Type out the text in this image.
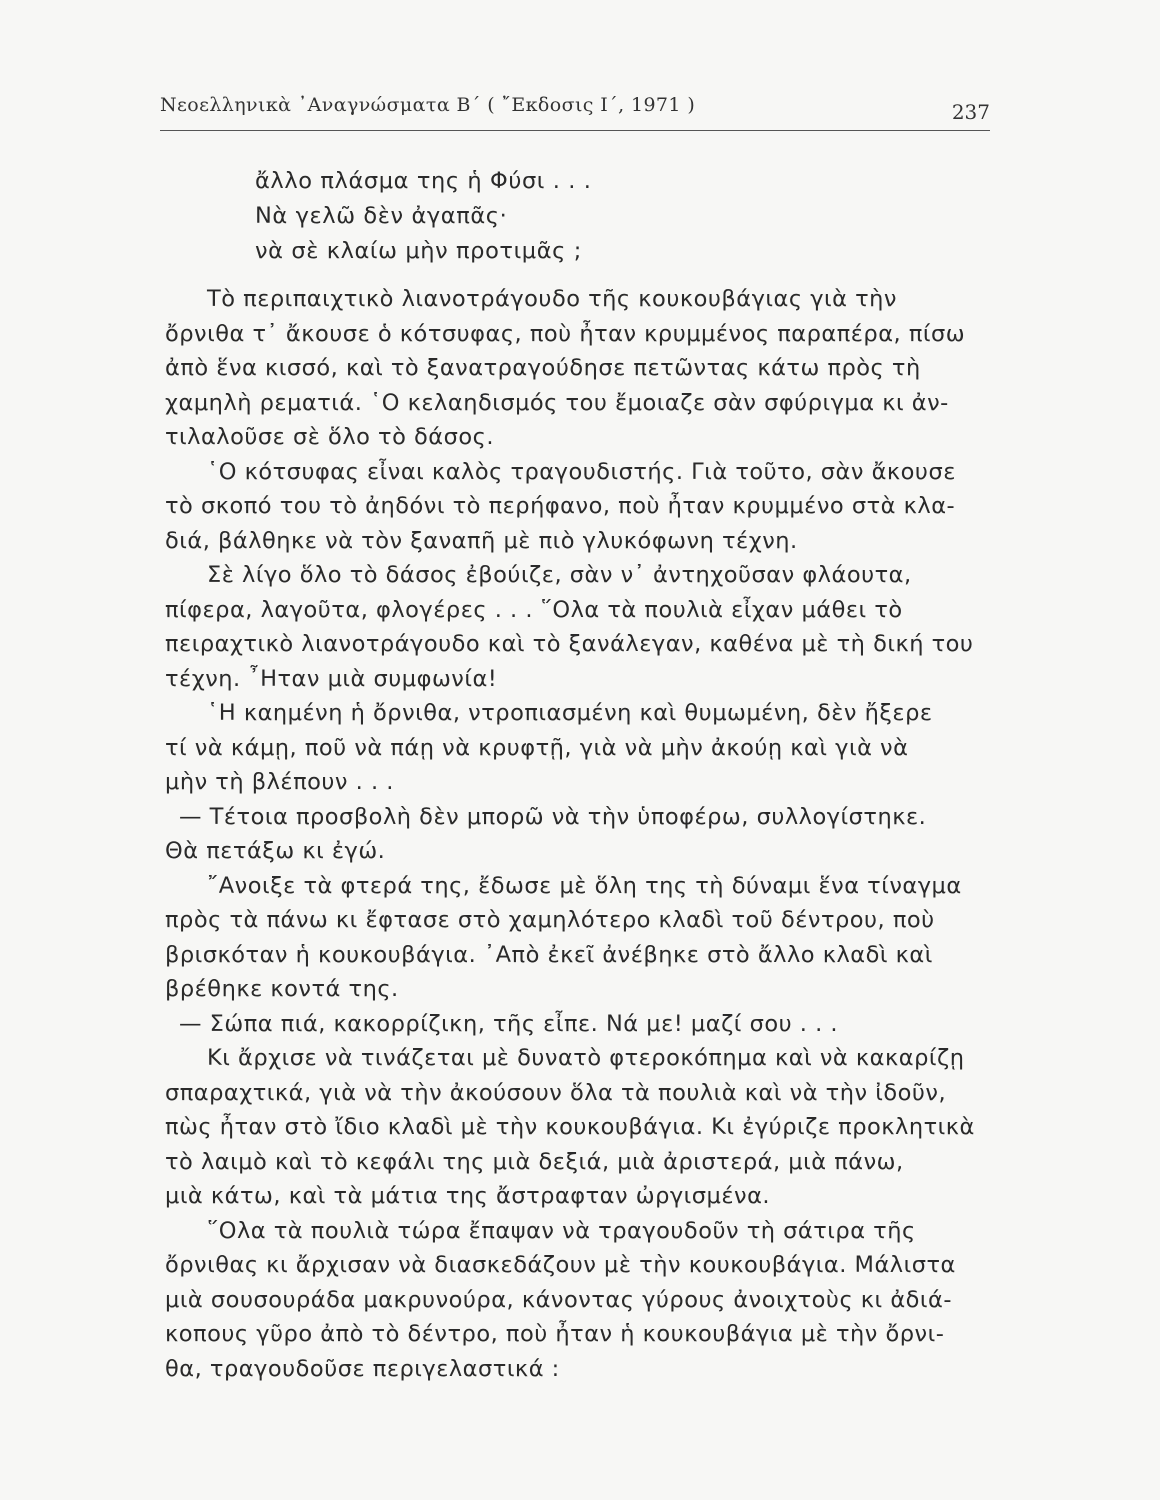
Νεοελληνικὰ ᾿Αναγνώσματα Β΄ ( ῎Εκδοσις Ι΄, 1971 )	237
ἄλλο πλάσμα της ἡ Φύσι . . .
Νὰ γελῶ δὲν ἀγαπᾶς·
νὰ σὲ κλαίω μὴν προτιμᾶς ;
Τὸ περιπαιχτικὸ λιανοτράγουδο τῆς κουκουβάγιας γιὰ τὴν
ὄρνιθα τ᾿ ἄκουσε ὁ κότσυφας, ποὺ ἦταν κρυμμένος παραπέρα, πίσω
ἀπὸ ἕνα κισσό, καὶ τὸ ξανατραγούδησε πετῶντας κάτω πρὸς τὴ
χαμηλὴ ρεματιά. ῾Ο κελαηδισμός του ἔμοιαζε σὰν σφύριγμα κι ἀν-
τιλαλοῦσε σὲ ὅλο τὸ δάσος.
῾Ο κότσυφας εἶναι καλὸς τραγουδιστής. Γιὰ τοῦτο, σὰν ἄκουσε
τὸ σκοπό του τὸ ἀηδόνι τὸ περήφανο, ποὺ ἦταν κρυμμένο στὰ κλα-
διά, βάλθηκε νὰ τὸν ξαναπῆ μὲ πιὸ γλυκόφωνη τέχνη.
Σὲ λίγο ὅλο τὸ δάσος ἐβούιζε, σὰν ν᾿ ἀντηχοῦσαν φλάουτα,
πίφερα, λαγοῦτα, φλογέρες . . . ῞Ολα τὰ πουλιὰ εἶχαν μάθει τὸ
πειραχτικὸ λιανοτράγουδο καὶ τὸ ξανάλεγαν, καθένα μὲ τὴ δική του
τέχνη. ῏Ηταν μιὰ συμφωνία!
῾Η καημένη ἡ ὄρνιθα, ντροπιασμένη καὶ θυμωμένη, δὲν ἤξερε
τί νὰ κάμῃ, ποῦ νὰ πάῃ νὰ κρυφτῇ, γιὰ νὰ μὴν ἀκούῃ καὶ γιὰ νὰ
μὴν τὴ βλέπουν . . .
— Τέτοια προσβολὴ δὲν μπορῶ νὰ τὴν ὑποφέρω, συλλογίστηκε.
Θὰ πετάξω κι ἐγώ.
῎Ανοιξε τὰ φτερά της, ἔδωσε μὲ ὅλη της τὴ δύναμι ἕνα τίναγμα
πρὸς τὰ πάνω κι ἔφτασε στὸ χαμηλότερο κλαδὶ τοῦ δέντρου, ποὺ
βρισκόταν ἡ κουκουβάγια. ᾿Απὸ ἐκεῖ ἀνέβηκε στὸ ἄλλο κλαδὶ καὶ
βρέθηκε κοντά της.
— Σώπα πιά, κακορρίζικη, τῆς εἶπε. Νά με! μαζί σου . . .
Κι ἄρχισε νὰ τινάζεται μὲ δυνατὸ φτεροκόπημα καὶ νὰ κακαρίζῃ
σπαραχτικά, γιὰ νὰ τὴν ἀκούσουν ὅλα τὰ πουλιὰ καὶ νὰ τὴν ἰδοῦν,
πὼς ἦταν στὸ ἴδιο κλαδὶ μὲ τὴν κουκουβάγια. Κι ἐγύριζε προκλητικὰ
τὸ λαιμὸ καὶ τὸ κεφάλι της μιὰ δεξιά, μιὰ ἀριστερά, μιὰ πάνω,
μιὰ κάτω, καὶ τὰ μάτια της ἄστραφταν ὠργισμένα.
῞Ολα τὰ πουλιὰ τώρα ἔπαψαν νὰ τραγουδοῦν τὴ σάτιρα τῆς
ὄρνιθας κι ἄρχισαν νὰ διασκεδάζουν μὲ τὴν κουκουβάγια. Μάλιστα
μιὰ σουσουράδα μακρυνούρα, κάνοντας γύρους ἀνοιχτοὺς κι ἀδιά-
κοπους γῦρο ἀπὸ τὸ δέντρο, ποὺ ἦταν ἡ κουκουβάγια μὲ τὴν ὄρνι-
θα, τραγουδοῦσε περιγελαστικά :
